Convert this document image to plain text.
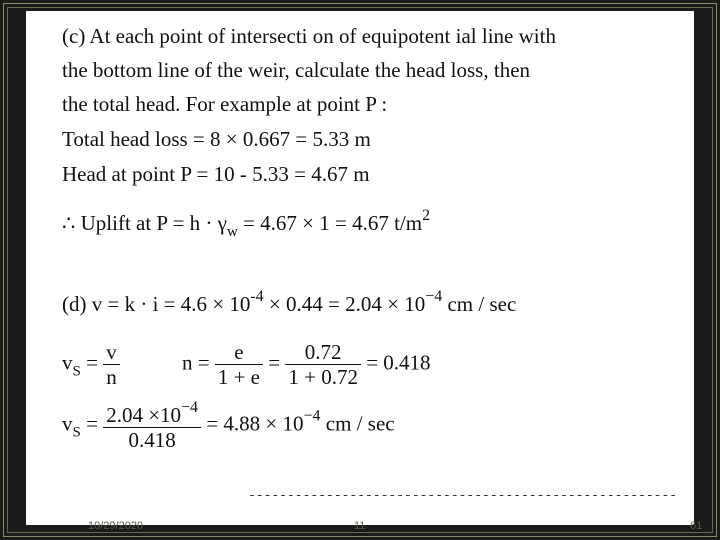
(c) At each point of intersecti on of equipotent ial line with
the bottom line of the weir, calculate the head loss, then
the total head. For example at point P :
Total head loss = 8 × 0.667 = 5.33 m
Head at point P = 10 - 5.33 = 4.67 m
∴ Uplift at $P = h \cdot \gamma_w = 4.67 \times 1 = 4.67$ $t/m^2$
(d) $v = k \cdot i = 4.6 \times 10^{-4} \times 0.44 = 2.04 \times 10^{-4}$ cm / sec
$v_S = \frac{v}{n}$	$n = \frac{e}{1 + e} = \frac{0.72}{1 + 0.72} = 0.418$
$v_S = \frac{2.04 \times 10^{-4}}{0.418} = 4.88 \times 10^{-4}$ cm / sec
-------------------------------------------------------
10/29/2020	11	61
